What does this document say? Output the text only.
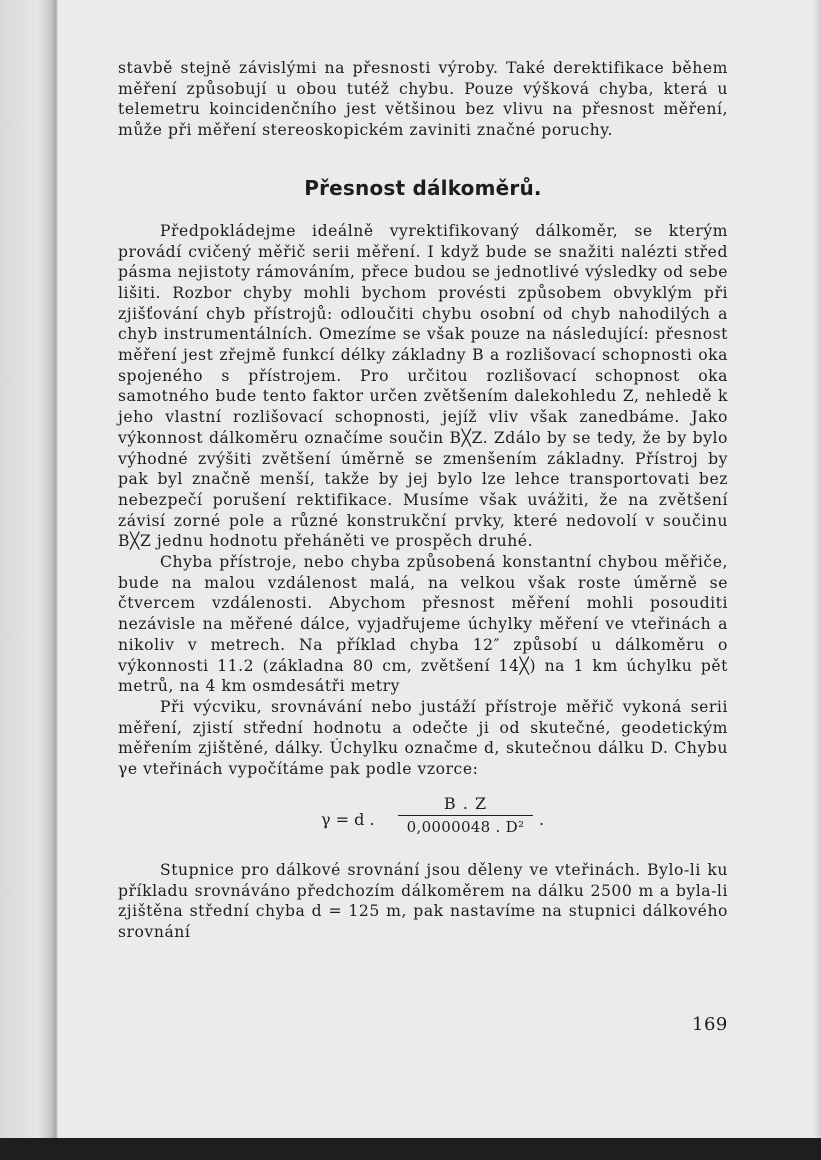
stavbě stejně závislými na přesnosti výroby. Také derektifikace během měření způsobují u obou tutéž chybu. Pouze výšková chyba, která u telemetru koincidenčního jest většinou bez vlivu na přesnost měření, může při měření stereoskopickém zaviniti značné poruchy.

Přesnost dálkoměrů.

Předpokládejme ideálně vyrektifikovaný dálkoměr, se kterým provádí cvičený měřič serii měření. I když bude se snažiti nalézti střed pásma nejistoty rámováním, přece budou se jednotlivé výsledky od sebe lišiti. Rozbor chyby mohli bychom provésti způsobem obvyklým při zjišťování chyb přístrojů: odloučiti chybu osobní od chyb nahodilých a chyb instrumentálních. Omezíme se však pouze na následující: přesnost měření jest zřejmě funkcí délky základny B a rozlišovací schopnosti oka spojeného s přístrojem. Pro určitou rozlišovací schopnost oka samotného bude tento faktor určen zvětšením dalekohledu Z, nehledě k jeho vlastní rozlišovací schopnosti, jejíž vliv však zanedbáme. Jako výkonnost dálkoměru označíme součin B╳Z. Zdálo by se tedy, že by bylo výhodné zvýšiti zvětšení úměrně se zmenšením základny. Přístroj by pak byl značně menší, takže by jej bylo lze lehce transportovati bez nebezpečí porušení rektifikace. Musíme však uvážiti, že na zvětšení závisí zorné pole a různé konstrukční prvky, které nedovolí v součinu B╳Z jednu hodnotu přeháněti ve prospěch druhé.

Chyba přístroje, nebo chyba způsobená konstantní chybou měřiče, bude na malou vzdálenost malá, na velkou však roste úměrně se čtvercem vzdálenosti. Abychom přesnost měření mohli posouditi nezávisle na měřené dálce, vyjadřujeme úchylky měření ve vteřinách a nikoliv v metrech. Na příklad chyba 12″ způsobí u dálkoměru o výkonnosti 11.2 (základna 80 cm, zvětšení 14╳) na 1 km úchylku pět metrů, na 4 km osmdesátři metry

Při výcviku, srovnávání nebo justáží přístroje měřič vykoná serii měření, zjistí střední hodnotu a odečte ji od skutečné, geodetickým měřením zjištěné, dálky. Úchylku označme d, skutečnou dálku D. Chybu γe vteřinách vypočítáme pak podle vzorce:

γ = d . $\frac{B . Z}{\text{0,0000048 . D²}}$ .

Stupnice pro dálkové srovnání jsou děleny ve vteřinách. Bylo-li ku příkladu srovnáváno předchozím dálkoměrem na dálku 2500 m a byla-li zjištěna střední chyba d = 125 m, pak nastavíme na stupnici dálkového srovnání

169
